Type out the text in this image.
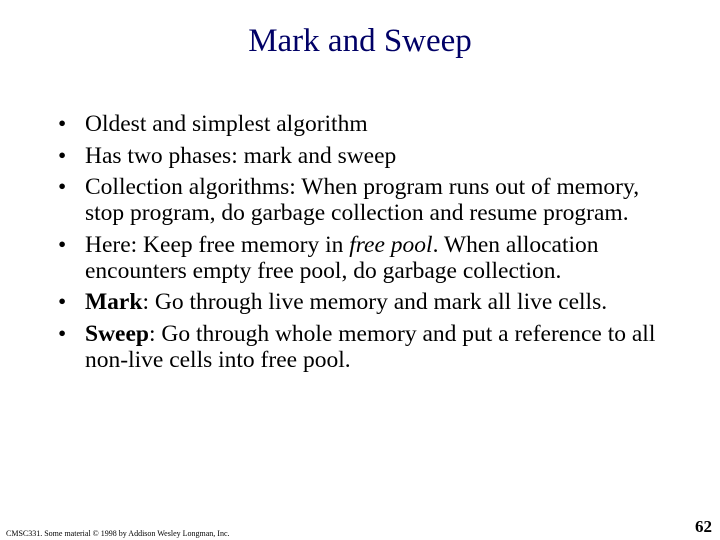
Mark and Sweep
• Oldest and simplest algorithm
• Has two phases: mark and sweep
• Collection algorithms: When program runs out of memory, stop program, do garbage collection and resume program.
• Here: Keep free memory in free pool. When allocation encounters empty free pool, do garbage collection.
• Mark: Go through live memory and mark all live cells.
• Sweep: Go through whole memory and put a reference to all non-live cells into free pool.
CMSC331. Some material © 1998 by Addison Wesley Longman, Inc.	62
